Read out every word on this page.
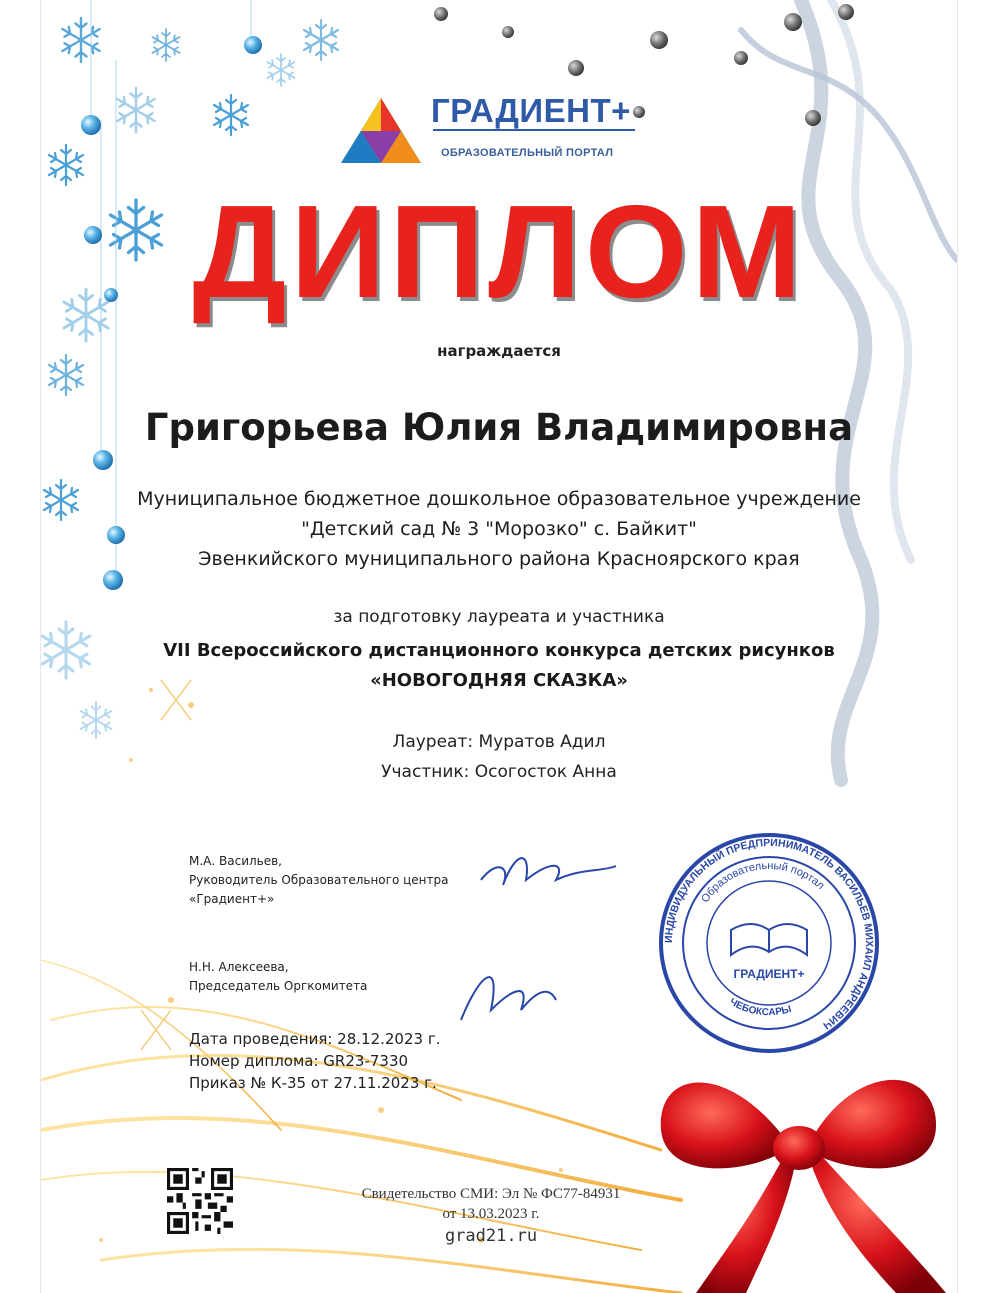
ИНДИВИДУАЛЬНЫЙ ПРЕДПРИНИМАТЕЛЬ ВАСИЛЬЕВ МИХАИЛ АНДРЕЕВИЧ
Образовательный портал
ГРАДИЕНТ+
ЧЕБОКСАРЫ
ГРАДИЕНТ+
ОБРАЗОВАТЕЛЬНЫЙ ПОРТАЛ
ДИПЛОМ
награждается
Григорьева Юлия Владимировна
Муниципальное бюджетное дошкольное образовательное учреждение
"Детский сад № 3 "Морозко" с. Байкит"
Эвенкийского муниципального района Красноярского края
за подготовку лауреата и участника
VII Всероссийского дистанционного конкурса детских рисунков
«НОВОГОДНЯЯ СКАЗКА»
Лауреат: Муратов Адил
Участник: Осогосток Анна
М.А. Васильев,
Руководитель Образовательного центра
«Градиент+»
Н.Н. Алексеева,
Председатель Оргкомитета
Дата проведения: 28.12.2023 г.
Номер диплома: GR23-7330
Приказ № К-35 от 27.11.2023 г.
Свидетельство СМИ: Эл № ФС77-84931
от 13.03.2023 г.
grad21.ru
